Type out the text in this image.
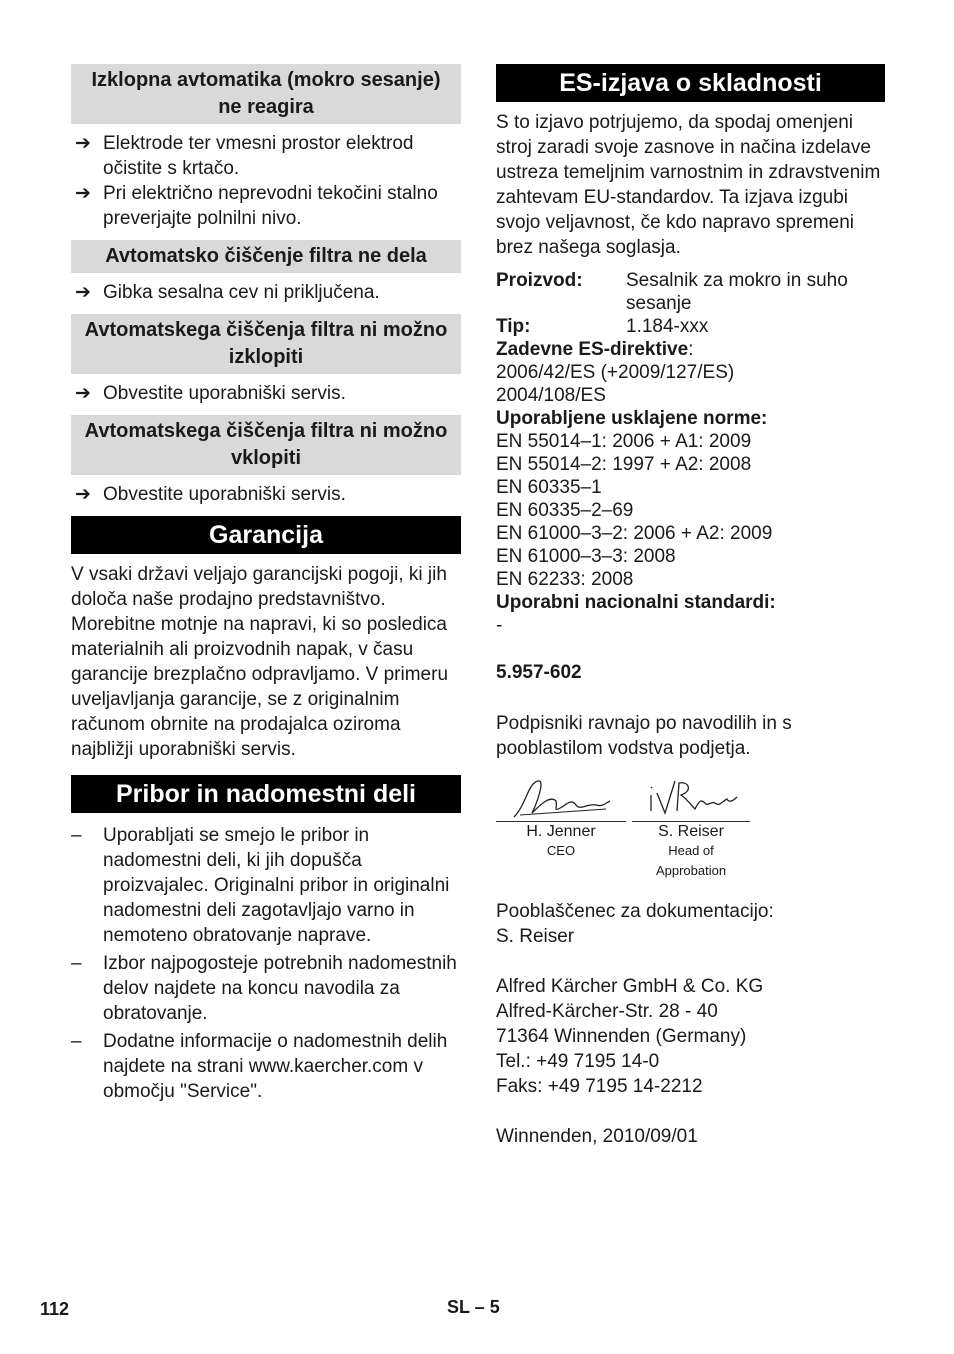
Izklopna avtomatika (mokro sesanje) ne reagira
➔ Elektrode ter vmesni prostor elektrod očistite s krtačo.
➔ Pri električno neprevodni tekočini stalno preverjajte polnilni nivo.
Avtomatsko čiščenje filtra ne dela
➔ Gibka sesalna cev ni priključena.
Avtomatskega čiščenja filtra ni možno izklopiti
➔ Obvestite uporabniški servis.
Avtomatskega čiščenja filtra ni možno vklopiti
➔ Obvestite uporabniški servis.
Garancija

V vsaki državi veljajo garancijski pogoji, ki jih določa naše prodajno predstavništvo. Morebitne motnje na napravi, ki so posledica materialnih ali proizvodnih napak, v času garancije brezplačno odpravljamo. V primeru uveljavljanja garancije, se z originalnim računom obrnite na prodajalca oziroma najbližji uporabniški servis.

Pribor in nadomestni deli
– Uporabljati se smejo le pribor in nadomestni deli, ki jih dopušča proizvajalec. Originalni pribor in originalni nadomestni deli zagotavljajo varno in nemoteno obratovanje naprave.
– Izbor najpogosteje potrebnih nadomestnih delov najdete na koncu navodila za obratovanje.
– Dodatne informacije o nadomestnih delih najdete na strani www.kaercher.com v območju "Service".
ES-izjava o skladnosti

S to izjavo potrjujemo, da spodaj omenjeni stroj zaradi svoje zasnove in načina izdelave ustreza temeljnim varnostnim in zdravstvenim zahtevam EU-standardov. Ta izjava izgubi svojo veljavnost, če kdo napravo spremeni brez našega soglasja.

Proizvod:	Sesalnik za mokro in suho sesanje
Tip:	1.184-xxx
Zadevne ES-direktive:
2006/42/ES (+2009/127/ES)
2004/108/ES
Uporabljene usklajene norme:
EN 55014–1: 2006 + A1: 2009
EN 55014–2: 1997 + A2: 2008
EN 60335–1
EN 60335–2–69
EN 61000–3–2: 2006 + A2: 2009
EN 61000–3–3: 2008
EN 62233: 2008
Uporabni nacionalni standardi:
-
5.957-602

Podpisniki ravnajo po navodilih in s pooblastilom vodstva podjetja.

H. Jenner
CEO
S. Reiser
Head of Approbation
Pooblaščenec za dokumentacijo:
S. Reiser
Alfred Kärcher GmbH & Co. KG
Alfred-Kärcher-Str. 28 - 40
71364 Winnenden (Germany)
Tel.: +49 7195 14-0
Faks: +49 7195 14-2212
Winnenden, 2010/09/01
112	SL – 5
